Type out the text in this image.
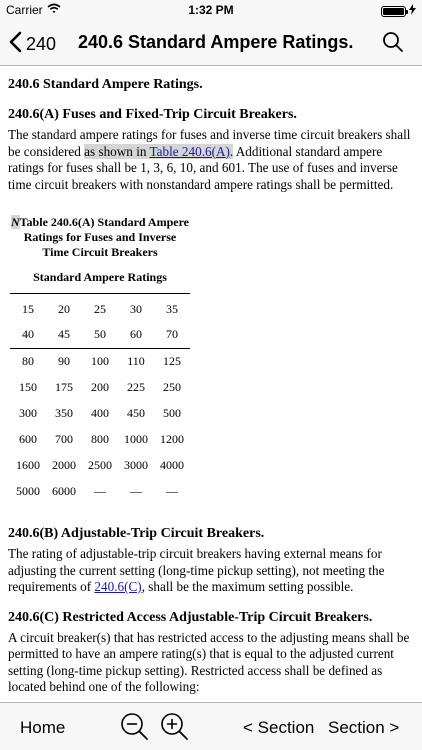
Carrier	1:32 PM
240 240.6 Standard Ampere Ratings.
240.6 Standard Ampere Ratings.
240.6(A) Fuses and Fixed-Trip Circuit Breakers.

The standard ampere ratings for fuses and inverse time circuit breakers shall be considered as shown in Table 240.6(A). Additional standard ampere ratings for fuses shall be 1, 3, 6, 10, and 601. The use of fuses and inverse time circuit breakers with nonstandard ampere ratings shall be permitted.

NTable 240.6(A) Standard Ampere Ratings for Fuses and Inverse Time Circuit Breakers
Standard Ampere Ratings
15	20	25	30	35
40	45	50	60	70
80	90	100	110	125
150	175	200	225	250
300	350	400	450	500
600	700	800	1000	1200
1600	2000	2500	3000	4000
5000	6000	—	—	—
240.6(B) Adjustable-Trip Circuit Breakers.

The rating of adjustable-trip circuit breakers having external means for adjusting the current setting (long-time pickup setting), not meeting the requirements of 240.6(C), shall be the maximum setting possible.

240.6(C) Restricted Access Adjustable-Trip Circuit Breakers.

A circuit breaker(s) that has restricted access to the adjusting means shall be permitted to have an ampere rating(s) that is equal to the adjusted current setting (long-time pickup setting). Restricted access shall be defined as located behind one of the following:

Home	< Section Section >
